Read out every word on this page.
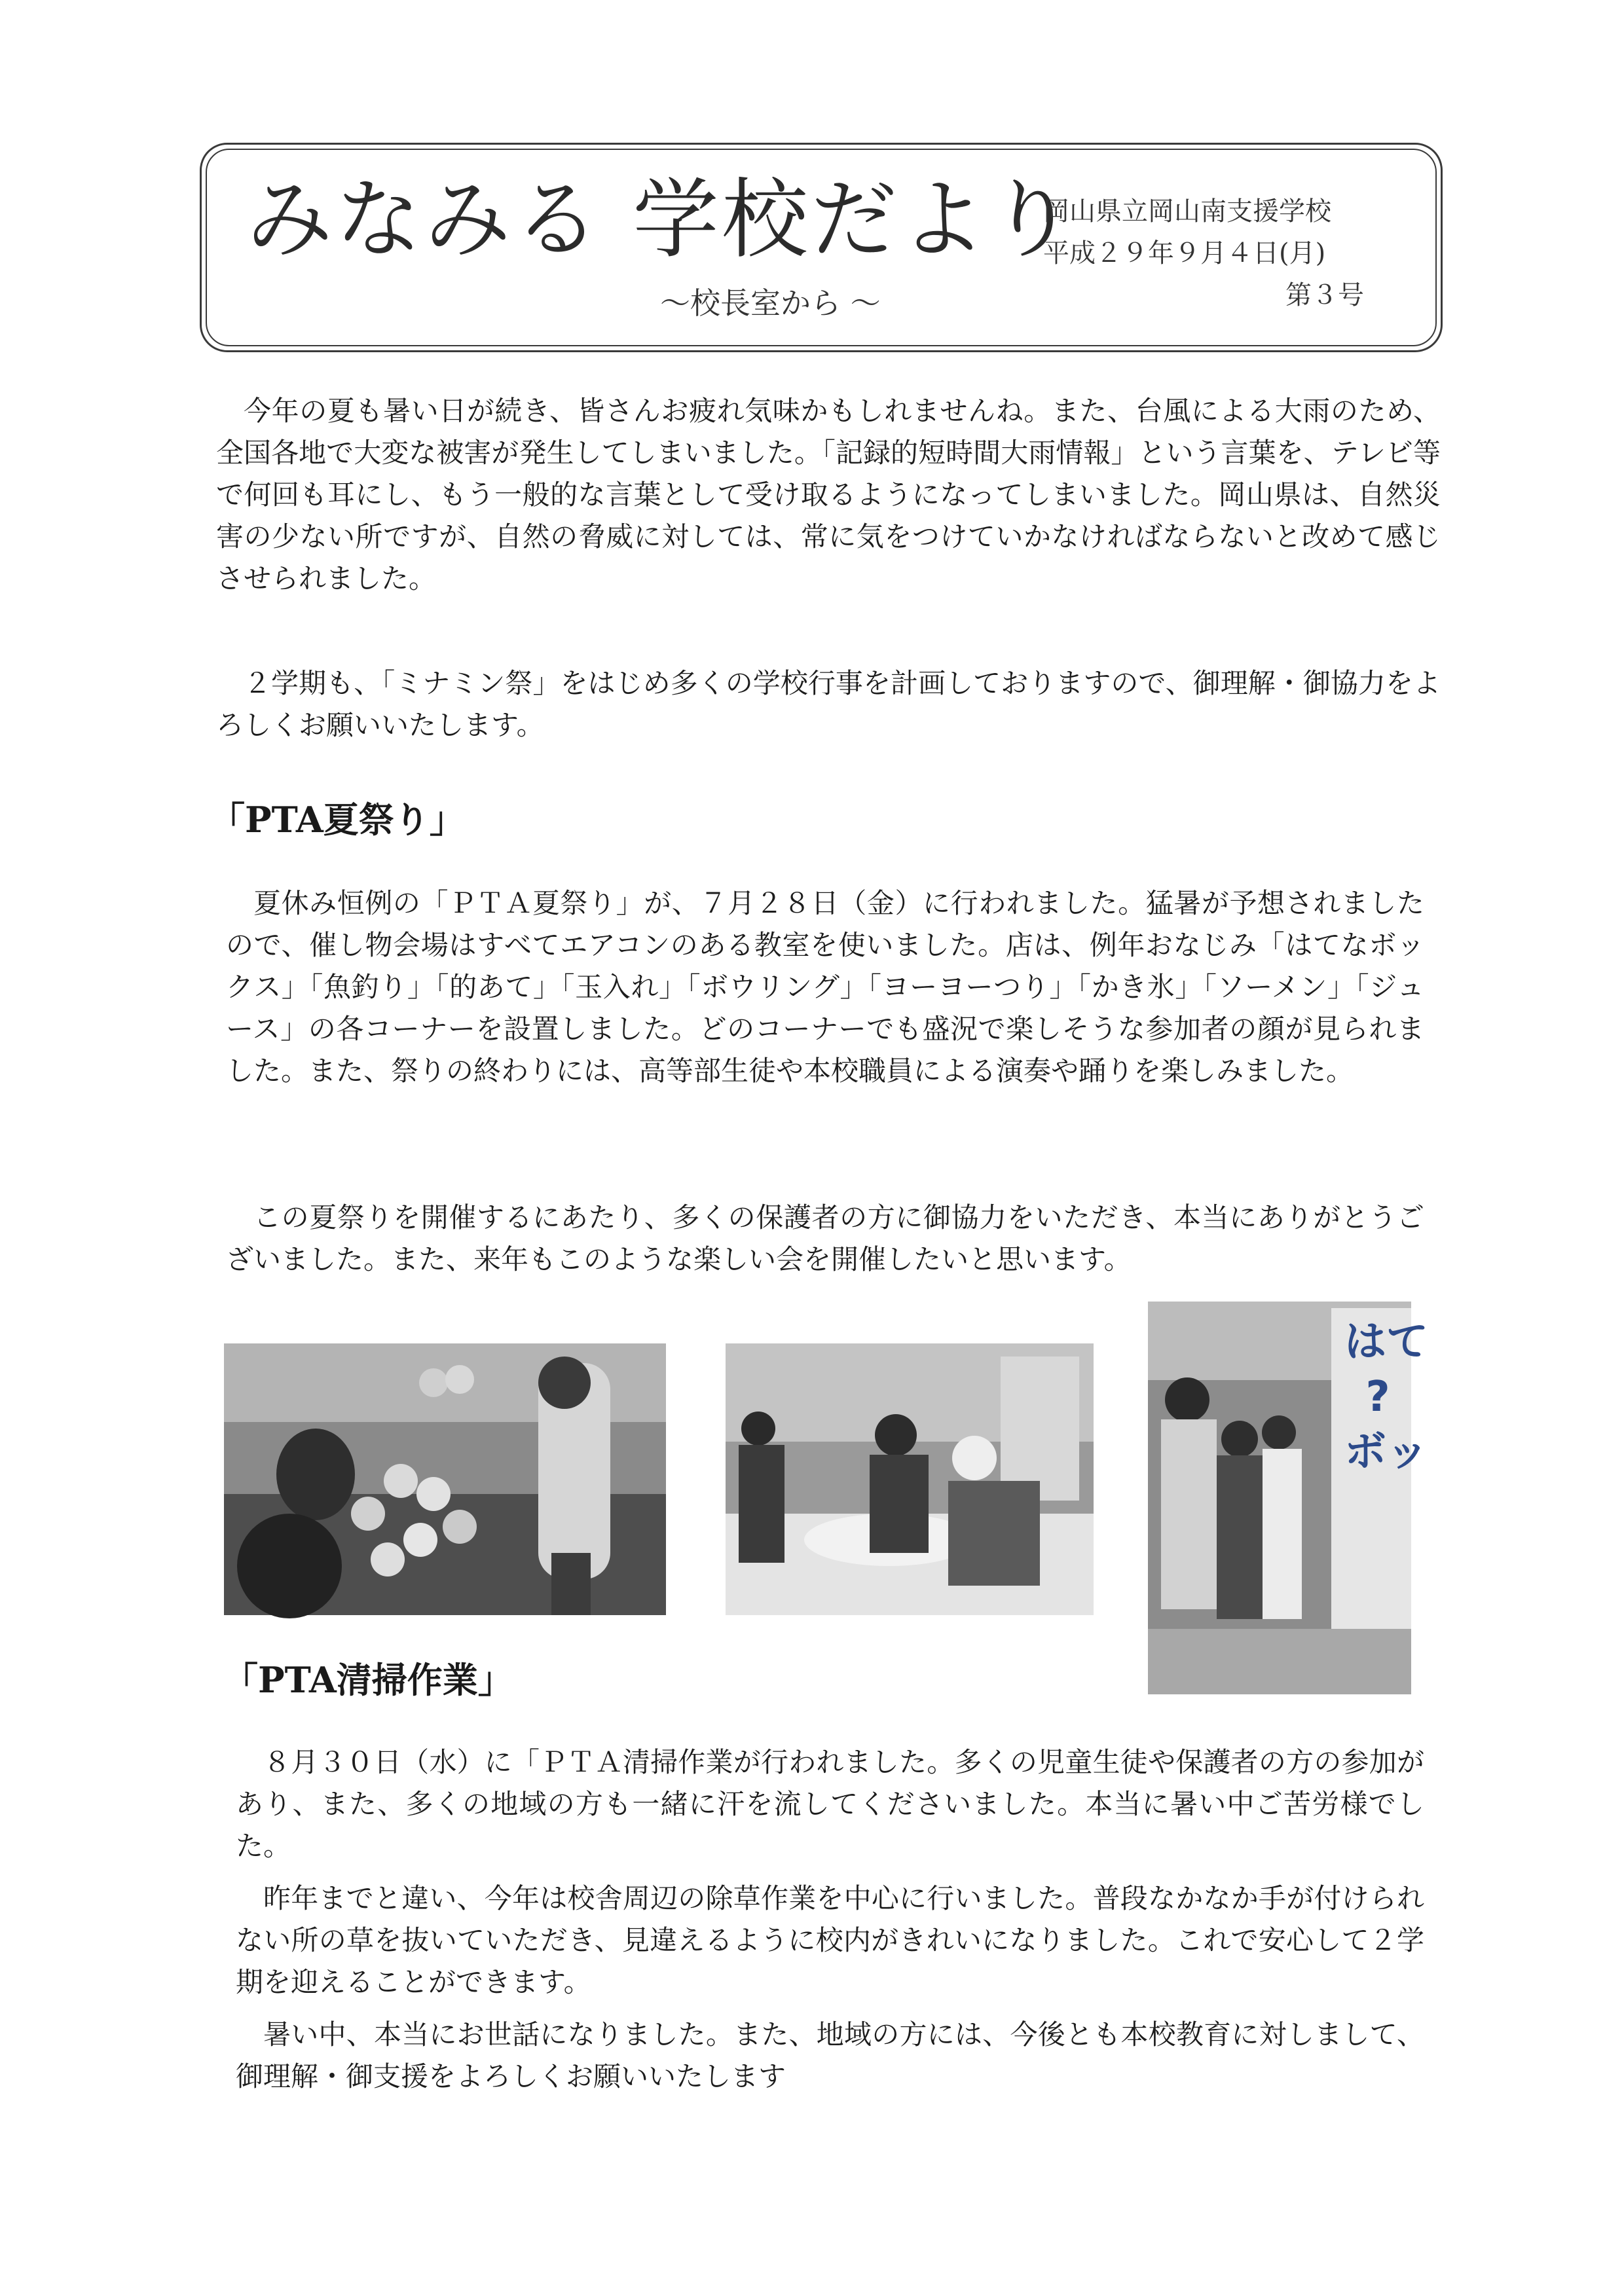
みなみる 学校だより
〜校長室から 〜
岡山県立岡山南支援学校
平成２９年９月４日(月)
第３号

今年の夏も暑い日が続き、皆さんお疲れ気味かもしれませんね。また、台風による大雨のため、全国各地で大変な被害が発生してしまいました。「記録的短時間大雨情報」という言葉を、テレビ等で何回も耳にし、もう一般的な言葉として受け取るようになってしまいました。岡山県は、自然災害の少ない所ですが、自然の脅威に対しては、常に気をつけていかなければならないと改めて感じさせられました。

２学期も、「ミナミン祭」をはじめ多くの学校行事を計画しておりますので、御理解・御協力をよろしくお願いいたします。

「PTA夏祭り」

夏休み恒例の「ＰＴＡ夏祭り」が、７月２８日（金）に行われました。猛暑が予想されましたので、催し物会場はすべてエアコンのある教室を使いました。店は、例年おなじみ「はてなボックス」「魚釣り」「的あて」「玉入れ」「ボウリング」「ヨーヨーつり」「かき氷」「ソーメン」「ジュース」の各コーナーを設置しました。どのコーナーでも盛況で楽しそうな参加者の顔が見られました。また、祭りの終わりには、高等部生徒や本校職員による演奏や踊りを楽しみました。

この夏祭りを開催するにあたり、多くの保護者の方に御協力をいただき、本当にありがとうございました。また、来年もこのような楽しい会を開催したいと思います。

はて
?
ボッ
「PTA清掃作業」

８月３０日（水）に「ＰＴＡ清掃作業が行われました。多くの児童生徒や保護者の方の参加があり、また、多くの地域の方も一緒に汗を流してくださいました。本当に暑い中ご苦労様でした。

昨年までと違い、今年は校舎周辺の除草作業を中心に行いました。普段なかなか手が付けられない所の草を抜いていただき、見違えるように校内がきれいになりました。これで安心して２学期を迎えることができます。

暑い中、本当にお世話になりました。また、地域の方には、今後とも本校教育に対しまして、御理解・御支援をよろしくお願いいたします
